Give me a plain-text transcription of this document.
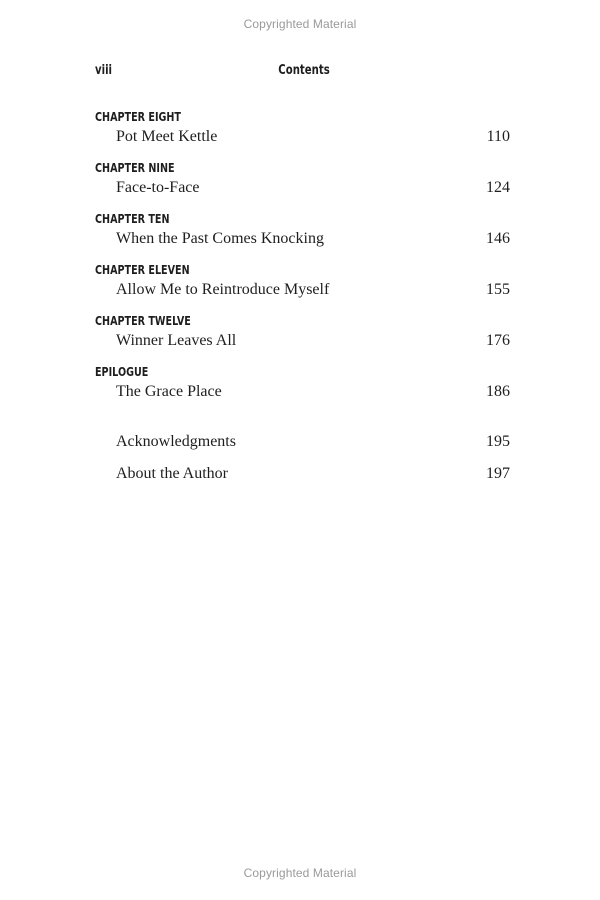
Copyrighted Material
viii	Contents
CHAPTER EIGHT
Pot Meet Kettle	110
CHAPTER NINE
Face-to-Face	124
CHAPTER TEN
When the Past Comes Knocking	146
CHAPTER ELEVEN
Allow Me to Reintroduce Myself	155
CHAPTER TWELVE
Winner Leaves All	176
EPILOGUE
The Grace Place	186
Acknowledgments	195
About the Author	197
Copyrighted Material
